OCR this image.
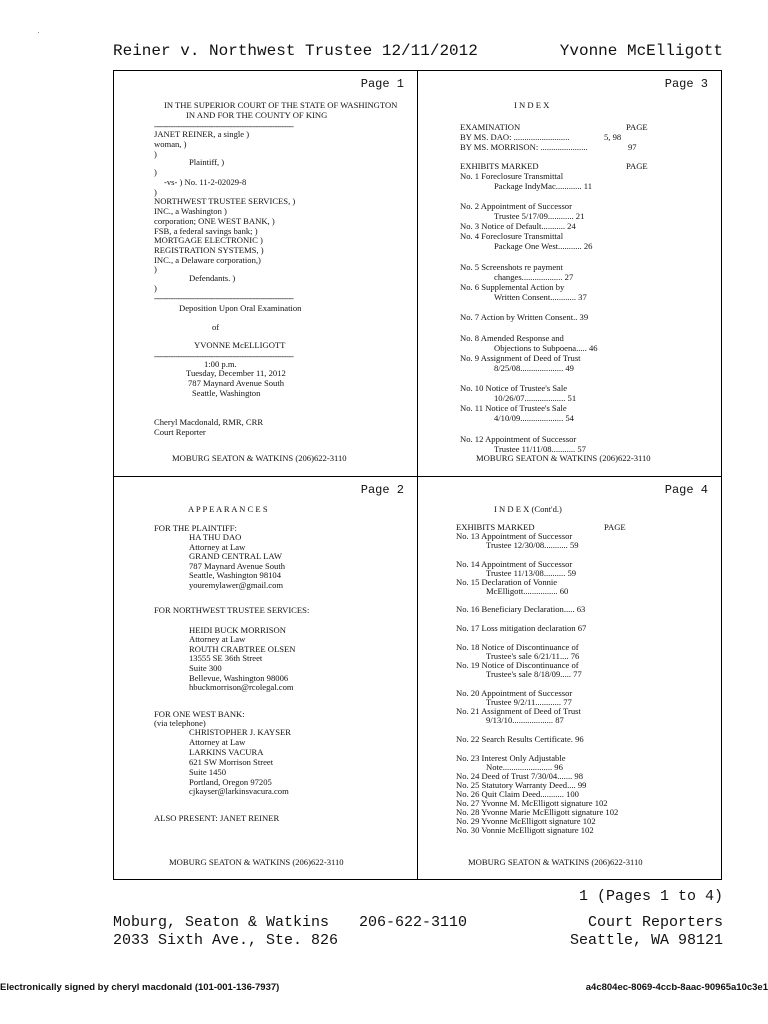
Reiner v. Northwest Trustee 12/11/2012	Yvonne McElligott
Page 1
IN THE SUPERIOR COURT OF THE STATE OF WASHINGTON
IN AND FOR THE COUNTY OF KING
-----------------------------------------------------------
JANET REINER, a single )
woman, )
)
Plaintiff, )
)
-vs- ) No. 11-2-02029-8
)
NORTHWEST TRUSTEE SERVICES, )
INC., a Washington )
corporation; ONE WEST BANK, )
FSB, a federal savings bank; )
MORTGAGE ELECTRONIC )
REGISTRATION SYSTEMS, )
INC., a Delaware corporation,)
)
Defendants. )
)
-----------------------------------------------------------
Deposition Upon Oral Examination
of
YVONNE McELLIGOTT
-----------------------------------------------------------
1:00 p.m.
Tuesday, December 11, 2012
787 Maynard Avenue South
Seattle, Washington
Cheryl Macdonald, RMR, CRR
Court Reporter
MOBURG SEATON & WATKINS (206)622-3110
Page 3
I N D E X
EXAMINATION	PAGE
BY MS. DAO: ..........................	5, 98
BY MS. MORRISON: ......................	97
EXHIBITS MARKED	PAGE
No. 1 Foreclosure Transmittal
Package IndyMac............ 11
No. 2 Appointment of Successor
Trustee 5/17/09............ 21
No. 3 Notice of Default........... 24
No. 4 Foreclosure Transmittal
Package One West........... 26
No. 5 Screenshots re payment
changes................... 27
No. 6 Supplemental Action by
Written Consent............ 37
No. 7 Action by Written Consent.. 39
No. 8 Amended Response and
Objections to Subpoena..... 46
No. 9 Assignment of Deed of Trust
8/25/08.................... 49
No. 10 Notice of Trustee's Sale
10/26/07................... 51
No. 11 Notice of Trustee's Sale
4/10/09.................... 54
No. 12 Appointment of Successor
Trustee 11/11/08........... 57
MOBURG SEATON & WATKINS (206)622-3110
Page 2
A P P E A R A N C E S
FOR THE PLAINTIFF:
HA THU DAO
Attorney at Law
GRAND CENTRAL LAW
787 Maynard Avenue South
Seattle, Washington 98104
youremylawer@gmail.com
FOR NORTHWEST TRUSTEE SERVICES:
HEIDI BUCK MORRISON
Attorney at Law
ROUTH CRABTREE OLSEN
13555 SE 36th Street
Suite 300
Bellevue, Washington 98006
hbuckmorrison@rcolegal.com
FOR ONE WEST BANK:
(via telephone)
CHRISTOPHER J. KAYSER
Attorney at Law
LARKINS VACURA
621 SW Morrison Street
Suite 1450
Portland, Oregon 97205
cjkayser@larkinsvacura.com
ALSO PRESENT: JANET REINER
MOBURG SEATON & WATKINS (206)622-3110
Page 4
I N D E X (Cont'd.)
EXHIBITS MARKED	PAGE
No. 13 Appointment of Successor
Trustee 12/30/08........... 59
No. 14 Appointment of Successor
Trustee 11/13/08.......... 59
No. 15 Declaration of Vonnie
McElligott................ 60
No. 16 Beneficiary Declaration..... 63
No. 17 Loss mitigation declaration 67
No. 18 Notice of Discontinuance of
Trustee's sale 6/21/11.... 76
No. 19 Notice of Discontinuance of
Trustee's sale 8/18/09..... 77
No. 20 Appointment of Successor
Trustee 9/2/11............ 77
No. 21 Assignment of Deed of Trust
9/13/10................... 87
No. 22 Search Results Certificate. 96
No. 23 Interest Only Adjustable
Note....................... 96
No. 24 Deed of Trust 7/30/04....... 98
No. 25 Statutory Warranty Deed.... 99
No. 26 Quit Claim Deed........... 100
No. 27 Yvonne M. McElligott signature 102
No. 28 Yvonne Marie McElligott signature 102
No. 29 Yvonne McElligott signature 102
No. 30 Vonnie McElligott signature 102
MOBURG SEATON & WATKINS (206)622-3110
1 (Pages 1 to 4)
Moburg, Seaton & Watkins 206-622-3110	Court Reporters
2033 Sixth Ave., Ste. 826	Seattle, WA 98121
Electronically signed by cheryl macdonald (101-001-136-7937)	a4c804ec-8069-4ccb-8aac-90965a10c3e1
